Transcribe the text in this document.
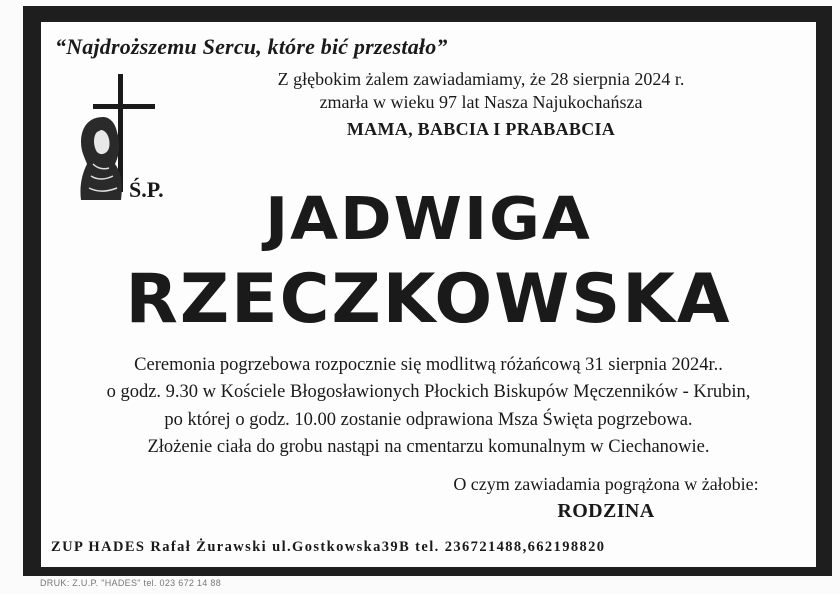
“Najdroższemu Sercu, które bić przestało”
Z głębokim żalem zawiadamiamy, że 28 sierpnia 2024 r.
zmarła w wieku 97 lat Nasza Najukochańsza
MAMA, BABCIA I PRABABCIA
Ś.P.	JADWIGA
RZECZKOWSKA
Ceremonia pogrzebowa rozpocznie się modlitwą różańcową 31 sierpnia 2024r..
o godz. 9.30 w Kościele Błogosławionych Płockich Biskupów Męczenników - Krubin,
po której o godz. 10.00 zostanie odprawiona Msza Święta pogrzebowa.
Złożenie ciała do grobu nastąpi na cmentarzu komunalnym w Ciechanowie.
O czym zawiadamia pogrążona w żałobie:
RODZINA
ZUP HADES Rafał Żurawski ul.Gostkowska39B tel. 236721488,662198820
DRUK: Z.U.P. "HADES" tel. 023 672 14 88
